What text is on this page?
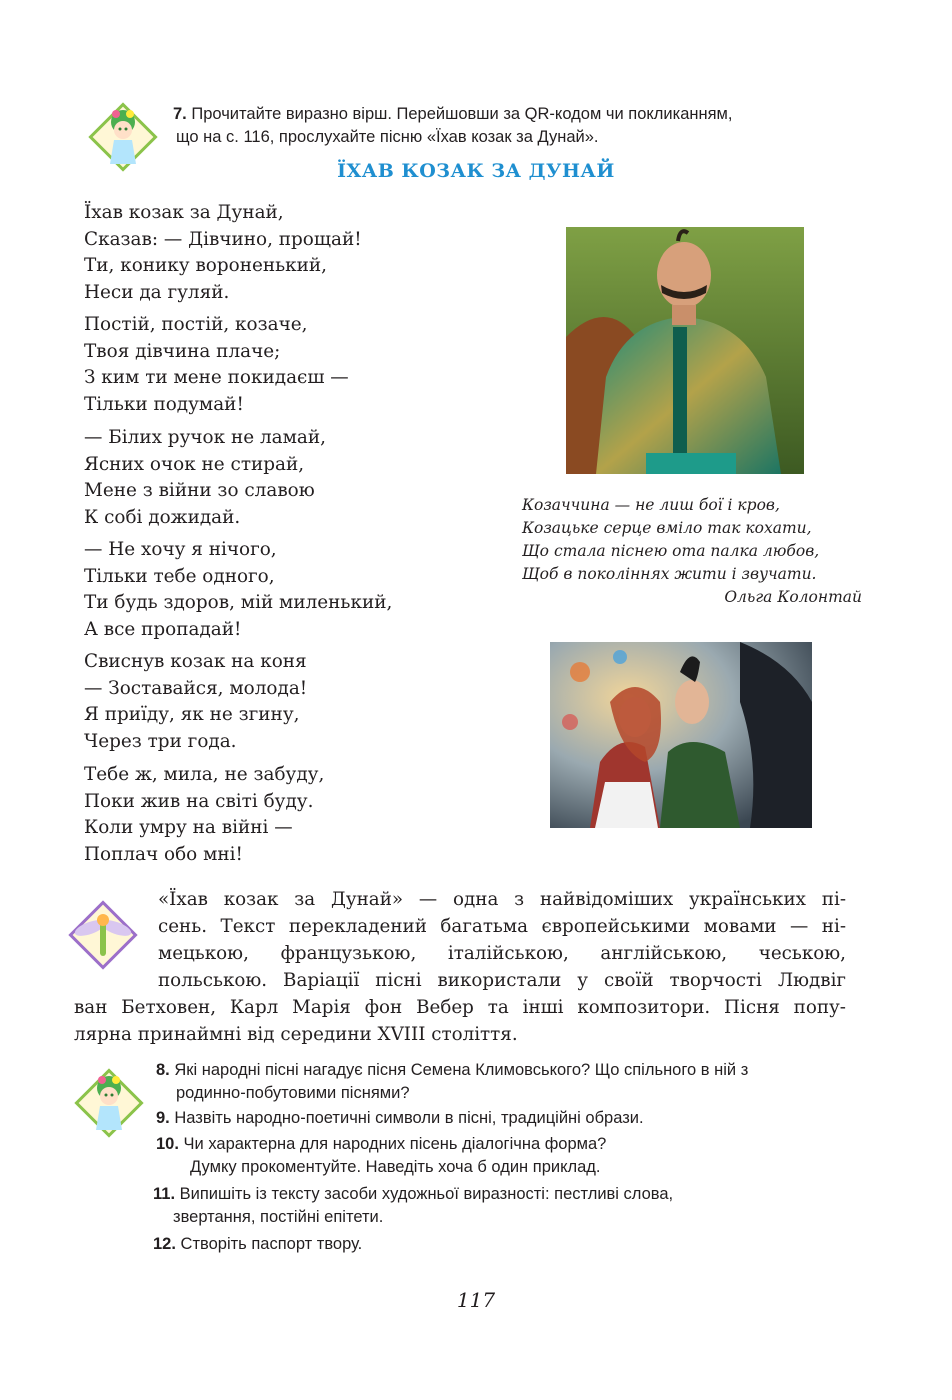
7. Прочитайте виразно вірш. Перейшовши за QR-кодом чи покликанням,
що на с. 116, прослухайте пісню «Їхав козак за Дунай».
ЇХАВ КОЗАК ЗА ДУНАЙ
Їхав козак за Дунай,
Сказав: — Дівчино, прощай!
Ти, конику вороненький,
Неси да гуляй.
Постій, постій, козаче,
Твоя дівчина плаче;
З ким ти мене покидаєш —
Тільки подумай!
— Білих ручок не ламай,
Ясних очок не стирай,
Мене з війни зо славою
К собі дожидай.
— Не хочу я нічого,
Тільки тебе одного,
Ти будь здоров, мій миленький,
А все пропадай!
Свиснув козак на коня
— Зоставайся, молода!
Я приїду, як не згину,
Через три года.
Тебе ж, мила, не забуду,
Поки жив на світі буду.
Коли умру на війні —
Поплач обо мні!
Козаччина — не лиш бої і кров,
Козацьке серце вміло так кохати,
Що стала піснею ота палка любов,
Щоб в поколіннях жити і звучати.
Ольга Колонтай
«Їхав козак за Дунай» — одна з найвідоміших українських пі-
сень. Текст перекладений багатьма європейськими мовами — ні-
мецькою, французькою, італійською, англійською, чеською,
польською. Варіації пісні використали у своїй творчості Людвіг
ван Бетховен, Карл Марія фон Вебер та інші композитори. Пісня попу-
лярна принаймні від середини XVIII століття.
8. Які народні пісні нагадує пісня Семена Климовського? Що спільного в ній з
родинно-побутовими піснями?
9. Назвіть народно-поетичні символи в пісні, традиційні образи.
10. Чи характерна для народних пісень діалогічна форма?
Думку прокоментуйте. Наведіть хоча б один приклад.
11. Випишіть із тексту засоби художньої виразності: пестливі слова,
звертання, постійні епітети.
12. Створіть паспорт твору.
117
